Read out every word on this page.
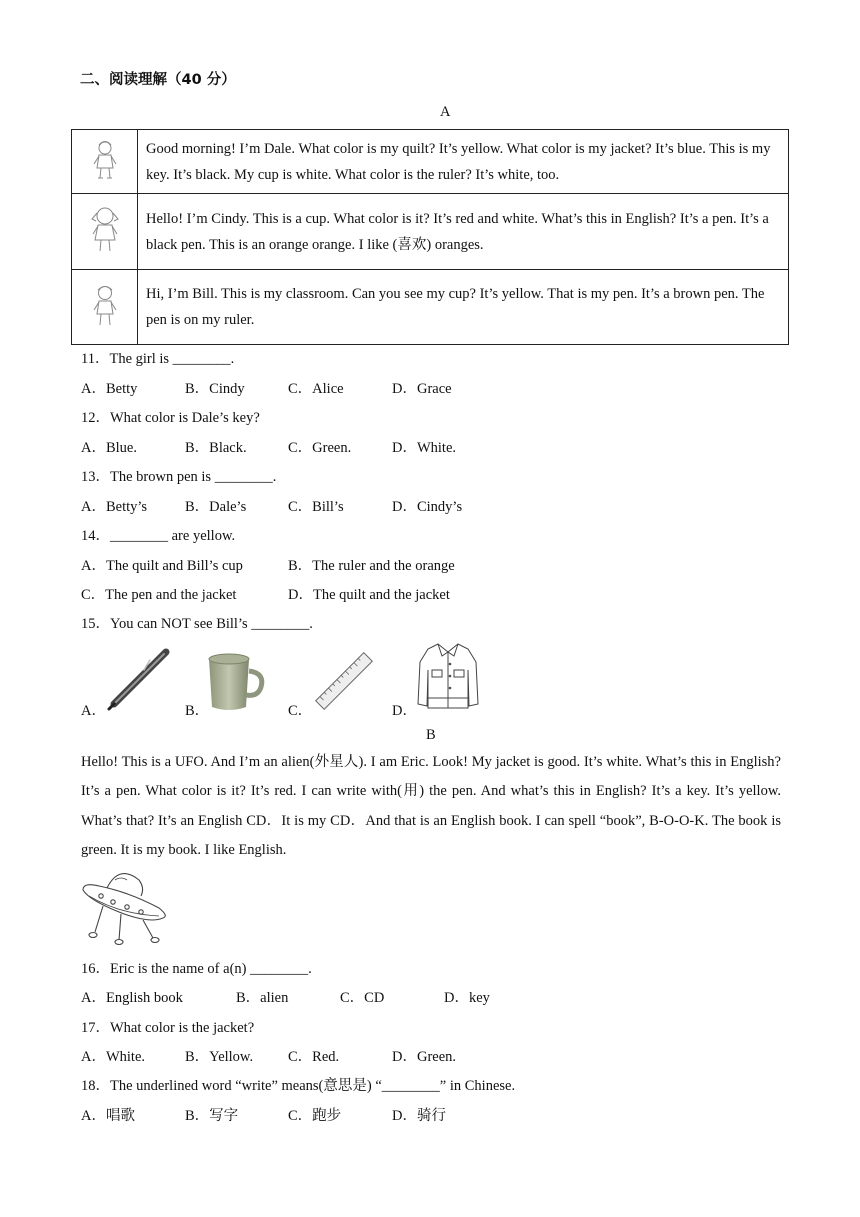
二、阅读理解（40 分）
A
	Good morning! I’m Dale. What color is my quilt? It’s yellow. What color is my jacket? It’s blue. This is my key. It’s black. My cup is white. What color is the ruler? It’s white, too.
	Hello! I’m Cindy. This is a cup. What color is it? It’s red and white. What’s this in English? It’s a pen. It’s a black pen. This is an orange orange. I like (喜欢) oranges.
	Hi, I’m Bill. This is my classroom. Can you see my cup? It’s yellow. That is my pen. It’s a brown pen. The pen is on my ruler.
11．The girl is ________.
A．Betty	B．Cindy	C．Alice	D．Grace
12．What color is Dale’s key?
A．Blue.	B．Black.	C．Green.	D．White.
13．The brown pen is ________.
A．Betty’s	B．Dale’s	C．Bill’s	D．Cindy’s
14．________ are yellow.
A．The quilt and Bill’s cup	B．The ruler and the orange
C．The pen and the jacket	D．The quilt and the jacket
15．You can NOT see Bill’s ________.
A．	B．	C．	D．
B
Hello! This is a UFO. And I’m an alien(外星人). I am Eric. Look! My jacket is good. It’s white. What’s this in English? It’s a pen. What color is it? It’s red. I can write with(用) the pen. And what’s this in English? It’s a key. It’s yellow. What’s that? It’s an English CD．It is my CD．And that is an English book. I can spell “book”, B-O-O-K. The book is green. It is my book. I like English.
16．Eric is the name of a(n) ________.
A．English book	B．alien	C．CD	D．key
17．What color is the jacket?
A．White.	B．Yellow. C．Red.	D．Green.
18．The underlined word “write” means(意思是) “________” in Chinese.
A．唱歌	B．写字	C．跑步	D．骑行
